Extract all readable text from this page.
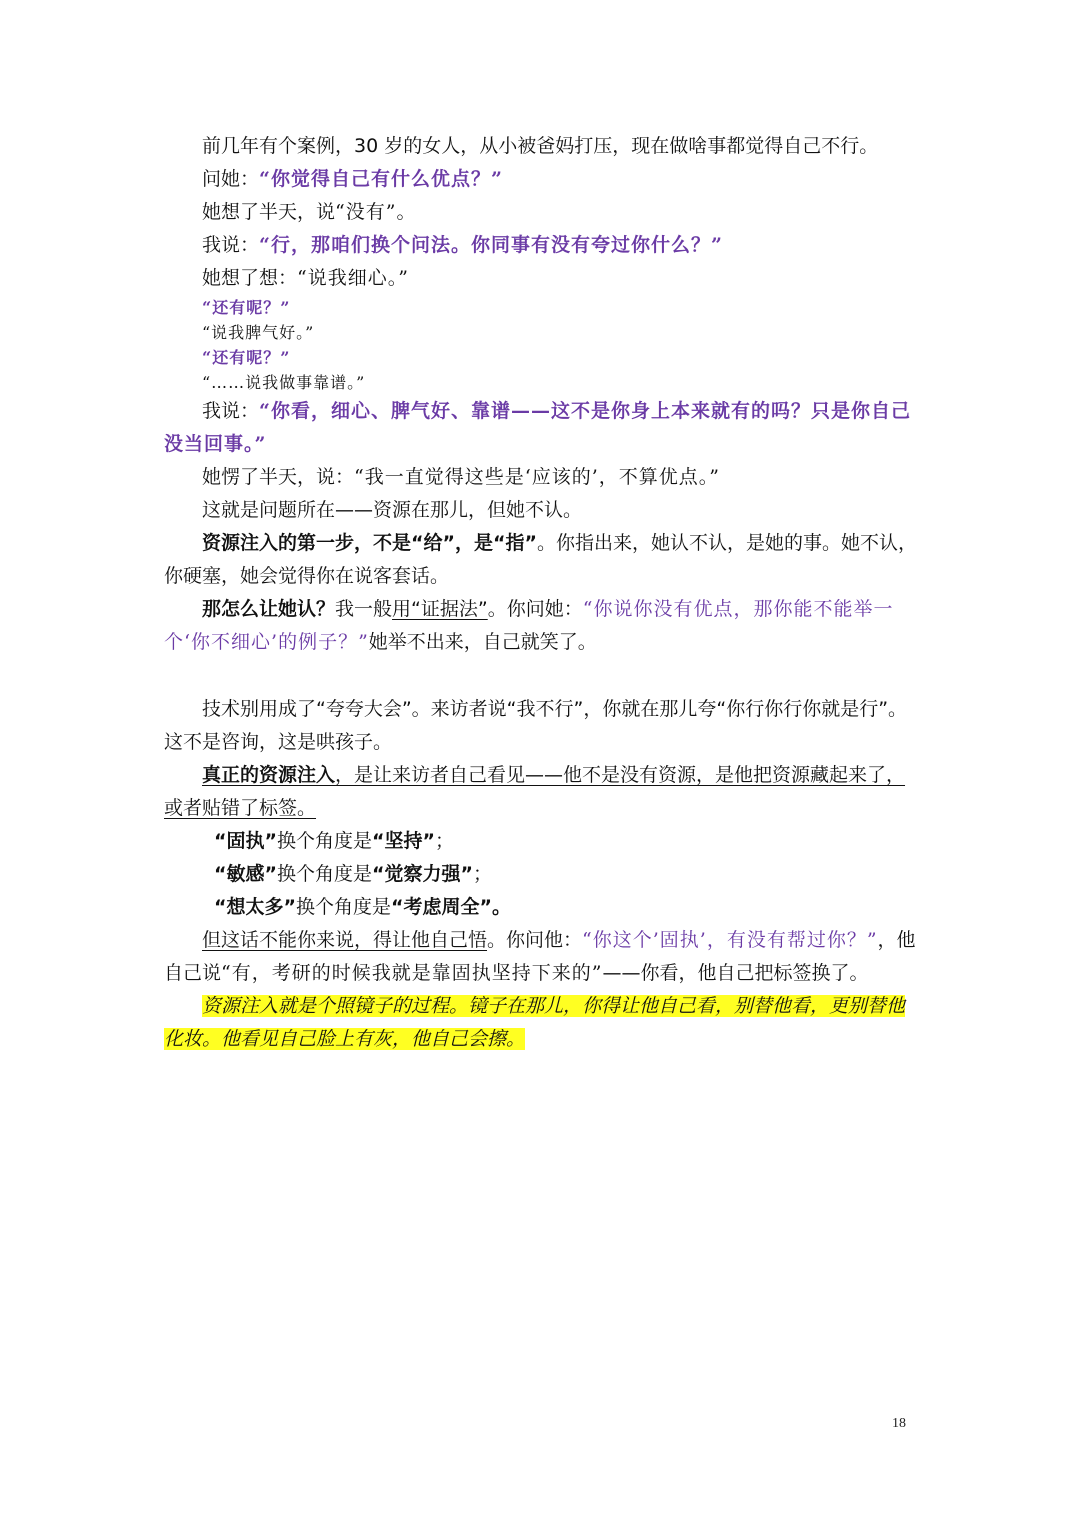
前几年有个案例，30 岁的女人，从小被爸妈打压，现在做啥事都觉得自己不行。

问她：“你觉得自己有什么优点？”

她想了半天，说“没有”。

我说：“行，那咱们换个问法。你同事有没有夸过你什么？”

她想了想：“说我细心。”

“还有呢？”

“说我脾气好。”

“还有呢？”

“……说我做事靠谱。”

我说：“你看，细心、脾气好、靠谱——这不是你身上本来就有的吗？只是你自己没当回事。”

她愣了半天，说：“我一直觉得这些是‘应该的’，不算优点。”

这就是问题所在——资源在那儿，但她不认。

资源注入的第一步，不是“给”，是“指”。你指出来，她认不认，是她的事。她不认，你硬塞，她会觉得你在说客套话。

那怎么让她认？我一般用“证据法”。你问她：“你说你没有优点，那你能不能举一个‘你不细心’的例子？”她举不出来，自己就笑了。

技术别用成了“夸夸大会”。来访者说“我不行”，你就在那儿夸“你行你行你就是行”。这不是咨询，这是哄孩子。

真正的资源注入，是让来访者自己看见——他不是没有资源，是他把资源藏起来了，或者贴错了标签。

“固执”换个角度是“坚持”；

“敏感”换个角度是“觉察力强”；

“想太多”换个角度是“考虑周全”。

但这话不能你来说，得让他自己悟。你问他：“你这个’固执’，有没有帮过你？”，他自己说“有，考研的时候我就是靠固执坚持下来的”——你看，他自己把标签换了。

资源注入就是个照镜子的过程。镜子在那儿，你得让他自己看，别替他看，更别替他化妆。他看见自己脸上有灰，他自己会擦。

18
